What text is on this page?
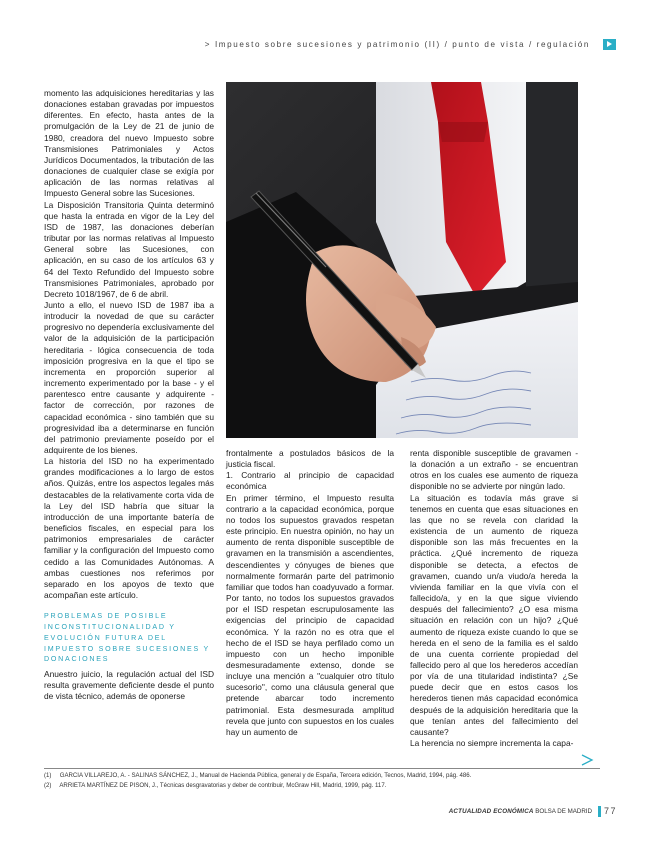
> Impuesto sobre sucesiones y patrimonio (II) / punto de vista / regulación

momento las adquisiciones hereditarias y las donaciones estaban gravadas por impuestos diferentes. En efecto, hasta antes de la promulgación de la Ley de 21 de junio de 1980, creadora del nuevo Impuesto sobre Transmisiones Patrimoniales y Actos Jurídicos Documentados, la tributación de las donaciones de cualquier clase se exigía por aplicación de las normas relativas al Impuesto General sobre las Sucesiones.

La Disposición Transitoria Quinta determinó que hasta la entrada en vigor de la Ley del ISD de 1987, las donaciones deberían tributar por las normas relativas al Impuesto General sobre las Sucesiones, con aplicación, en su caso de los artículos 63 y 64 del Texto Refundido del Impuesto sobre Transmisiones Patrimoniales, aprobado por Decreto 1018/1967, de 6 de abril.

Junto a ello, el nuevo ISD de 1987 iba a introducir la novedad de que su carácter progresivo no dependería exclusivamente del valor de la adquisición de la participación hereditaria - lógica consecuencia de toda imposición progresiva en la que el tipo se incrementa en proporción superior al incremento experimentado por la base - y el parentesco entre causante y adquirente - factor de corrección, por razones de capacidad económica - sino también que su progresividad iba a determinarse en función del patrimonio previamente poseído por el adquirente de los bienes.

La historia del ISD no ha experimentado grandes modificaciones a lo largo de estos años. Quizás, entre los aspectos legales más destacables de la relativamente corta vida de la Ley del ISD habría que situar la introducción de una importante batería de beneficios fiscales, en especial para los patrimonios empresariales de carácter familiar y la configuración del Impuesto como cedido a las Comunidades Autónomas. A ambas cuestiones nos referimos por separado en los apoyos de texto que acompañan este artículo.

PROBLEMAS DE POSIBLE INCONSTITUCIONALIDAD Y EVOLUCIÓN FUTURA DEL IMPUESTO SOBRE SUCESIONES Y DONACIONES

Anuestro juicio, la regulación actual del ISD resulta gravemente deficiente desde el punto de vista técnico, además de oponerse

frontalmente a postulados básicos de la justicia fiscal.

1. Contrario al principio de capacidad económica

En primer término, el Impuesto resulta contrario a la capacidad económica, porque no todos los supuestos gravados respetan este principio. En nuestra opinión, no hay un aumento de renta disponible susceptible de gravamen en la transmisión a ascendientes, descendientes y cónyuges de bienes que normalmente formarán parte del patrimonio familiar que todos han coadyuvado a formar. Por tanto, no todos los supuestos gravados por el ISD respetan escrupulosamente las exigencias del principio de capacidad económica. Y la razón no es otra que el hecho de el ISD se haya perfilado como un impuesto con un hecho imponible desmesuradamente extenso, donde se incluye una mención a "cualquier otro título sucesorio", como una cláusula general que pretende abarcar todo incremento patrimonial. Esta desmesurada amplitud revela que junto con supuestos en los cuales hay un aumento de

renta disponible susceptible de gravamen - la donación a un extraño - se encuentran otros en los cuales ese aumento de riqueza disponible no se advierte por ningún lado.

La situación es todavía más grave si tenemos en cuenta que esas situaciones en las que no se revela con claridad la existencia de un aumento de riqueza disponible son las más frecuentes en la práctica. ¿Qué incremento de riqueza disponible se detecta, a efectos de gravamen, cuando un/a viudo/a hereda la vivienda familiar en la que vivía con el fallecido/a, y en la que sigue viviendo después del fallecimiento? ¿O esa misma situación en relación con un hijo? ¿Qué aumento de riqueza existe cuando lo que se hereda en el seno de la familia es el saldo de una cuenta corriente propiedad del fallecido pero al que los herederos accedían por vía de una titularidad indistinta? ¿Se puede decir que en estos casos los herederos tienen más capacidad económica después de la adquisición hereditaria que la que tenían antes del fallecimiento del causante?

La herencia no siempre incrementa la capa-

(1) GARCIA VILLAREJO, A. - SALINAS SÁNCHEZ, J., Manual de Hacienda Pública, general y de España, Tercera edición, Tecnos, Madrid, 1994, pág. 486.
(2) ARRIETA MARTÍNEZ DE PISON, J., Técnicas desgravatorias y deber de contribuir, McGraw Hill, Madrid, 1999, pág. 117.
ACTUALIDAD ECONÓMICA BOLSA DE MADRID 77
